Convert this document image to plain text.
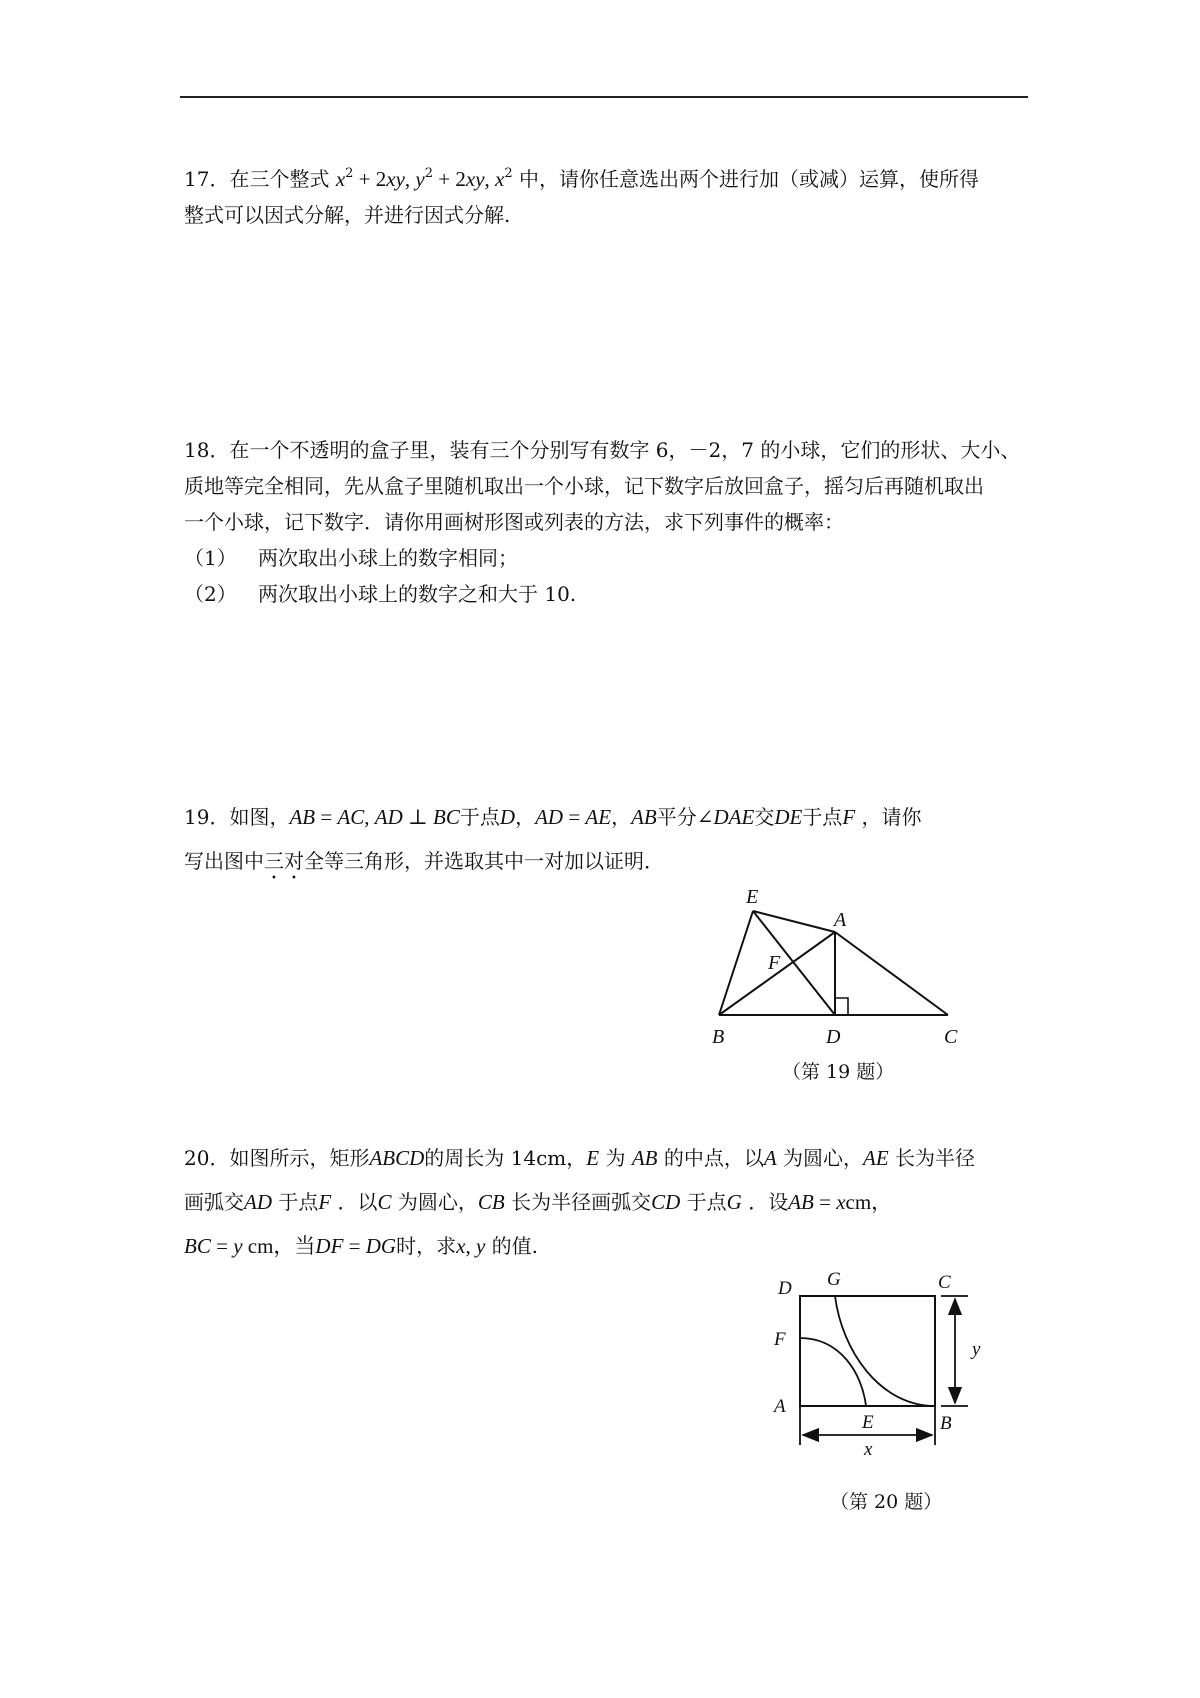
17．在三个整式 $x^2 + 2xy$, $y^2 + 2xy$, $x^2$ 中，请你任意选出两个进行加（或减）运算，使所得

整式可以因式分解，并进行因式分解.

18．在一个不透明的盒子里，装有三个分别写有数字 6，－2，7 的小球，它们的形状、大小、

质地等完全相同，先从盒子里随机取出一个小球，记下数字后放回盒子，摇匀后再随机取出

一个小球，记下数字．请你用画树形图或列表的方法，求下列事件的概率：

（1）	两次取出小球上的数字相同；
（2）	两次取出小球上的数字之和大于 10.

19．如图，AB = AC, AD ⊥ BC于点D，AD = AE，AB平分∠DAE交DE于点F ，请你

写出图中三对全等三角形，并选取其中一对加以证明．

E
A
F
B	D	C
（第 19 题）

20．如图所示，矩形ABCD的周长为 14cm，E 为 AB 的中点，以A 为圆心，AE 长为半径

画弧交AD 于点F ．以C 为圆心，CB 长为半径画弧交CD 于点G ．设AB = xcm，

BC = y cm，当DF = DG时，求x, y 的值.

D G	C
F	y
A
E	B
x
（第 20 题）
